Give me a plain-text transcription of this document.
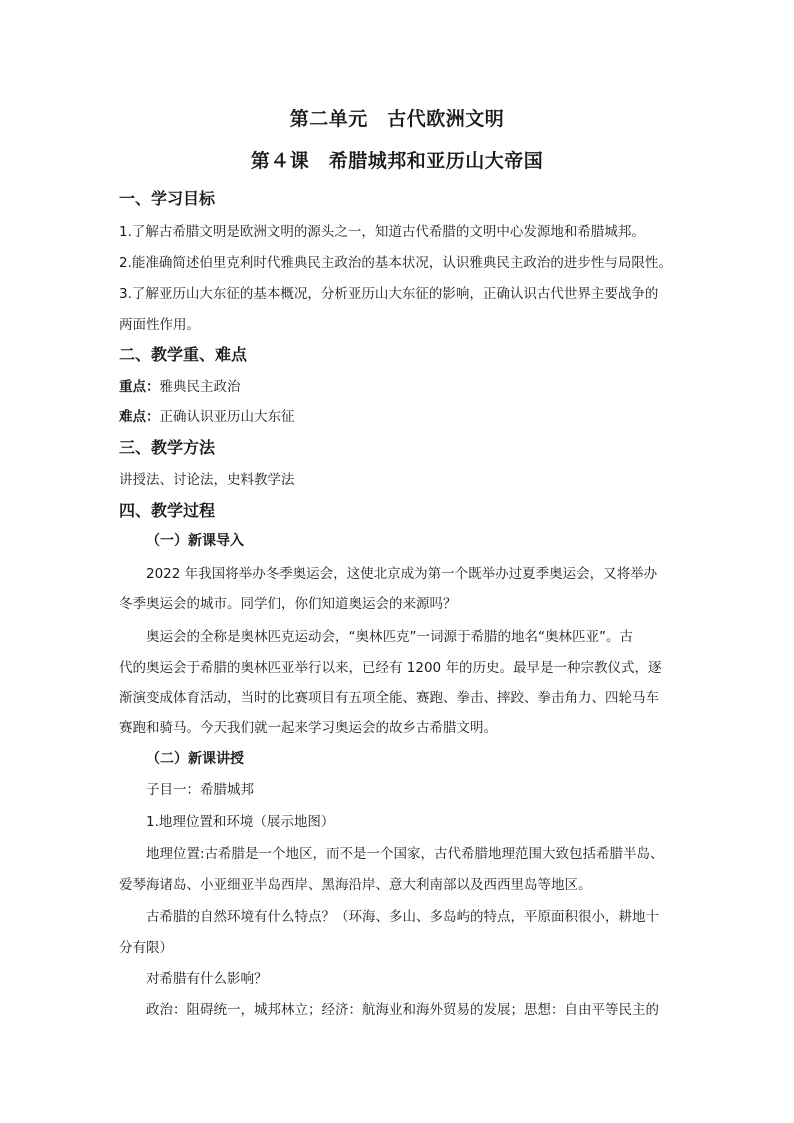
第二单元　古代欧洲文明
第４课　希腊城邦和亚历山大帝国
一、学习目标
1.了解古希腊文明是欧洲文明的源头之一，知道古代希腊的文明中心发源地和希腊城邦。
2.能准确简述伯里克利时代雅典民主政治的基本状况，认识雅典民主政治的进步性与局限性。
3.了解亚历山大东征的基本概况，分析亚历山大东征的影响，正确认识古代世界主要战争的
两面性作用。
二、教学重、难点
重点：雅典民主政治
难点：正确认识亚历山大东征
三、教学方法
讲授法、讨论法，史料教学法
四、教学过程
（一）新课导入
2022 年我国将举办冬季奥运会，这使北京成为第一个既举办过夏季奥运会，又将举办
冬季奥运会的城市。同学们，你们知道奥运会的来源吗？
奥运会的全称是奥林匹克运动会，“奥林匹克”一词源于希腊的地名“奥林匹亚”。古
代的奥运会于希腊的奥林匹亚举行以来，已经有 1200 年的历史。最早是一种宗教仪式，逐
渐演变成体育活动，当时的比赛项目有五项全能、赛跑、拳击、摔跤、拳击角力、四轮马车
赛跑和骑马。今天我们就一起来学习奥运会的故乡古希腊文明。
（二）新课讲授
子目一：希腊城邦
1.地理位置和环境（展示地图）
地理位置:古希腊是一个地区，而不是一个国家，古代希腊地理范围大致包括希腊半岛、
爱琴海诸岛、小亚细亚半岛西岸、黑海沿岸、意大利南部以及西西里岛等地区。
古希腊的自然环境有什么特点？（环海、多山、多岛屿的特点，平原面积很小，耕地十
分有限）
对希腊有什么影响？
政治：阻碍统一，城邦林立；经济：航海业和海外贸易的发展；思想：自由平等民主的
